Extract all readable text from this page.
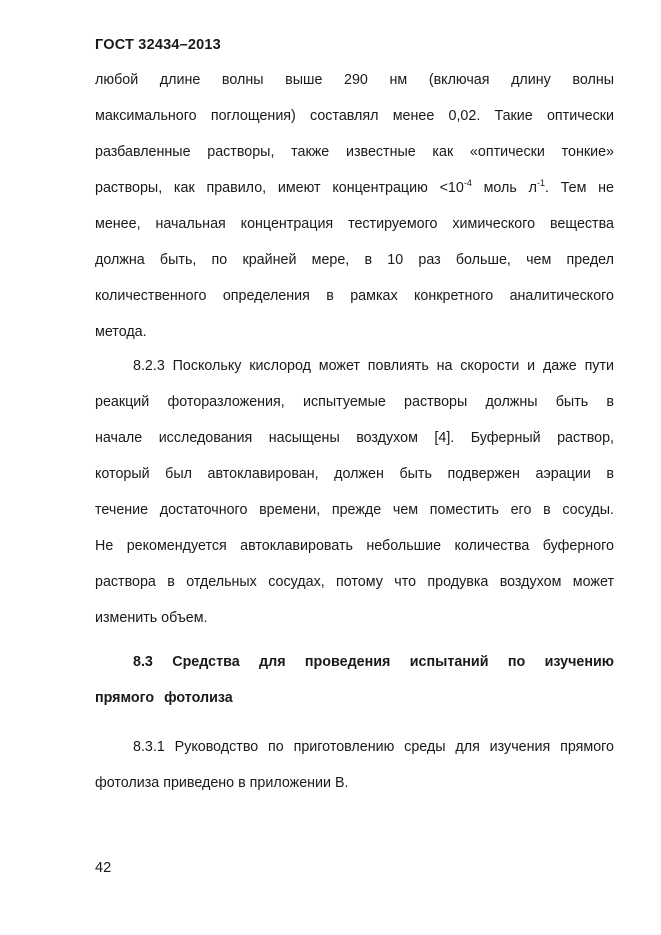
ГОСТ 32434–2013
любой длине волны выше 290 нм (включая длину волны
максимального поглощения) составлял менее 0,02. Такие оптически
разбавленные растворы, также известные как «оптически тонкие»
растворы, как правило, имеют концентрацию $<10^{-4}$ моль $л^{-1}$. Тем не
менее, начальная концентрация тестируемого химического вещества
должна быть, по крайней мере, в 10 раз больше, чем предел
количественного определения в рамках конкретного аналитического
метода.
8.2.3 Поскольку кислород может повлиять на скорости и даже пути
реакций фоторазложения, испытуемые растворы должны быть в
начале исследования насыщены воздухом [4]. Буферный раствор,
который был автоклавирован, должен быть подвержен аэрации в
течение достаточного времени, прежде чем поместить его в сосуды.
Не рекомендуется автоклавировать небольшие количества буферного
раствора в отдельных сосудах, потому что продувка воздухом может
изменить объем.
8.3 Средства для проведения испытаний по изучению
прямого фотолиза
8.3.1 Руководство по приготовлению среды для изучения прямого
фотолиза приведено в приложении В.
42
